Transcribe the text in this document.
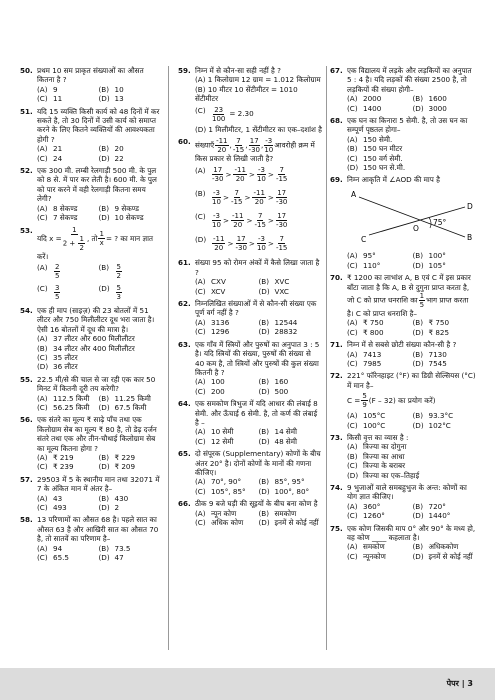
50. प्रथम 10 सम प्राकृत संख्याओं का औसत कितना है ?
(A) 9	(B) 10
(C) 11	(D) 13
51. यदि 15 व्यक्ति किसी कार्य को 48 दिनों में कर सकते है, तो 30 दिनों में उसी कार्य को समाप्त करने के लिए कितने व्यक्तियों की आवश्यकता होगी ?
(A) 21	(B) 20
(C) 24	(D) 22
52. एक 300 मी. लम्बी रेलगाड़ी 500 मी. के पुल को 8 से. में पार कर लेती है। 600 मी. के पुल को पार करने में वही रेलगाड़ी कितना समय लेगी?
(A) 8 सेकण्ड	(B) 9 सेकण्ड
(C) 7 सेकण्ड	(D) 10 सेकण्ड
53.
यदि $x = \frac{1}{2 + \frac{1}{2}}$ , तो $\frac{1}{x}$ = ? का मान ज्ञात करें।
$(A) \frac{2}{5}$	$(B) \frac{5}{2}$
$(C) \frac{3}{5}$	$(D) \frac{5}{3}$
54. एक ही माप (साइज़) की 23 बोतलों में 51 लीटर और 750 मिलीलीटर दूध भरा जाता है। ऐसी 16 बोतलों में दूध की मात्रा है।
(A) 37 लीटर और 600 मिलीलीटर
(B) 34 लीटर और 400 मिलीलीटर
(C) 35 लीटर
(D) 36 लीटर
55. 22.5 मी/से की चाल से जा रही एक कार 50 मिनट में कितनी दूरी तय करेगी?
(A) 112.5 किमी (B) 11.25 किमी
(C) 56.25 किमी (D) 67.5 किमी
56. एक संतरे का मूल्य ₹ साढ़े पाँच तथा एक किलोग्राम सेब का मूल्य ₹ 80 है, तो डेढ़ दर्जन संतरे तथा एक और तीन-चौथाई किलोग्राम सेब का मूल्य कितना होगा ?
(A) ₹ 219	(B) ₹ 229
(C) ₹ 239	(D) ₹ 209
57. 29503 में 5 के स्थानीय मान तथा 32071 में 7 के अंकित मान में अंतर है–
(A) 43	(B) 430
(C) 493	(D) 2
58. 13 परिणामों का औसत 68 है। पहले सात का औसत 63 है और आखिरी सात का औसत 70 है, तो सातवें का परिणाम है–
(A) 94	(B) 73.5
(C) 65.5	(D) 47
59. निम्न में से कौन-सा सही नहीं है ?
(A) 1 किलोग्राम 12 ग्राम = 1.012 किलोग्राम
(B) 10 मीटर 10 सेंटीमीटर = 1010 सेंटीमीटर
$(C) \frac{23}{100} = 2.30$
(D) 1 मिलीमीटर, 1 सेंटीमीटर का एक–दशांश है
60. संख्याएँ $\frac{-11}{20}$ , $\frac{7}{-15}$ , $\frac{17}{-30}$ , $\frac{-3}{10}$ आवरोही क्रम में किस प्रकार से लिखी जाती है?
$(A) \frac{17}{-30} > \frac{-11}{20} > \frac{-3}{10} > \frac{7}{-15}$
$(B) \frac{-3}{10} > \frac{7}{-15} > \frac{-11}{20} > \frac{17}{-30}$
$(C) \frac{-3}{10} > \frac{-11}{20} > \frac{7}{-15} > \frac{17}{-30}$
$(D) \frac{-11}{20} > \frac{17}{-30} > \frac{-3}{10} > \frac{7}{-15}$
61. संख्या 95 को रोमन अंकों में कैसे लिखा जाता है ?
(A) CXV	(B) XVC
(C) XCV	(D) VXC
62. निम्नलिखित संख्याओं में से कौन-सी संख्या एक पूर्ण वर्ग नहीं है ?
(A) 3136	(B) 12544
(C) 1296	(D) 28832
63. एक गाँव में स्त्रियों और पुरुषों का अनुपात 3 : 5 है। यदि स्त्रियों की संख्या, पुरुषों की संख्या से 40 कम है, तो स्त्रियों और पुरुषों की कुल संख्या कितनी है ?
(A) 100	(B) 160
(C) 200	(D) 500
64. एक समकोण त्रिभुज में यदि आधार की लंबाई 8 सेमी. और ऊँचाई 6 सेमी. है, तो कर्ण की लंबाई है –
(A) 10 सेमी	(B) 14 सेमी
(C) 12 सेमी	(D) 48 सेमी
65. दो संपूरक (Supplementary) कोणों के बीच अंतर 20° है। दोनों कोणों के मानों की गणना कीजिए।
(A) 70°, 90° (B) 85°, 95°
(C) 105°, 85° (D) 100°, 80°
66. ठीक 9 बजे घड़ी की सूइयों के बीच बना कोण है
(A) न्यून कोण	(B) समकोण
(C) अधिक कोण (D) इनमें से कोई नहीं
67. एक विद्यालय में लड़के और लड़कियों का अनुपात 5 : 4 है। यदि लड़कों की संख्या 2500 है, तो लड़कियों की संख्या होगी–
(A) 2000	(B) 1600
(C) 1400	(D) 3000
68. एक घन का किनारा 5 सेमी. है, तो उस घन का सम्पूर्ण पृष्ठतल होगा–
(A) 150 सेमी.
(B) 150 घन मीटर
(C) 150 वर्ग सेमी.
(D) 150 घन से.मी.
69. निम्न आकृति में ∠AOD की माप है
A
B
C
D
O
75°
(A) 95°	(B) 100°
(C) 110°	(D) 105°
70. ₹ 1200 का लाभांश A, B एवं C में इस प्रकार बाँटा जाता है कि A, B से दुगुना प्राप्त करता है,
जो C को प्राप्त धनराशि का $\frac{1}{5}$ भाग प्राप्त करता
है। C को प्राप्त धनराशि है–
(A) ₹ 750	(B) ₹ 750
(C) ₹ 800	(D) ₹ 825
71. निम्न में से सबसे छोटी संख्या कौन-सी है ?
(A) 7413	(B) 7130
(C) 7985	(D) 7545
72. 221° फॉरेनहाइट (°F) का डिग्री सेल्सियस (°C) में मान है–
$C = \frac{5}{9} (F - 32)$ का प्रयोग करें)
(A) 105°C	(B) 93.3°C
(C) 100°C	(D) 102°C
73. किसी वृत्त का व्यास है :
(A) त्रिज्या का दोगुना
(B) त्रिज्या का आधा
(C) त्रिज्या के बराबर
(D) त्रिज्या का एक–तिहाई
74. 9 भुजाओं वाले समबहुभुज के अन्त: कोणों का योग ज्ञात कीजिए।
(A) 360°	(B) 720°
(C) 1260°	(D) 1440°
75. एक कोण जिसकी माप 0° और 90° के मध्य हो, वह कोण ____ कहलाता है।
(A) समकोण	(B) अधिककोण
(C) न्यूनकोण	(D) इनमें से कोई नहीं
पेपर | 3
